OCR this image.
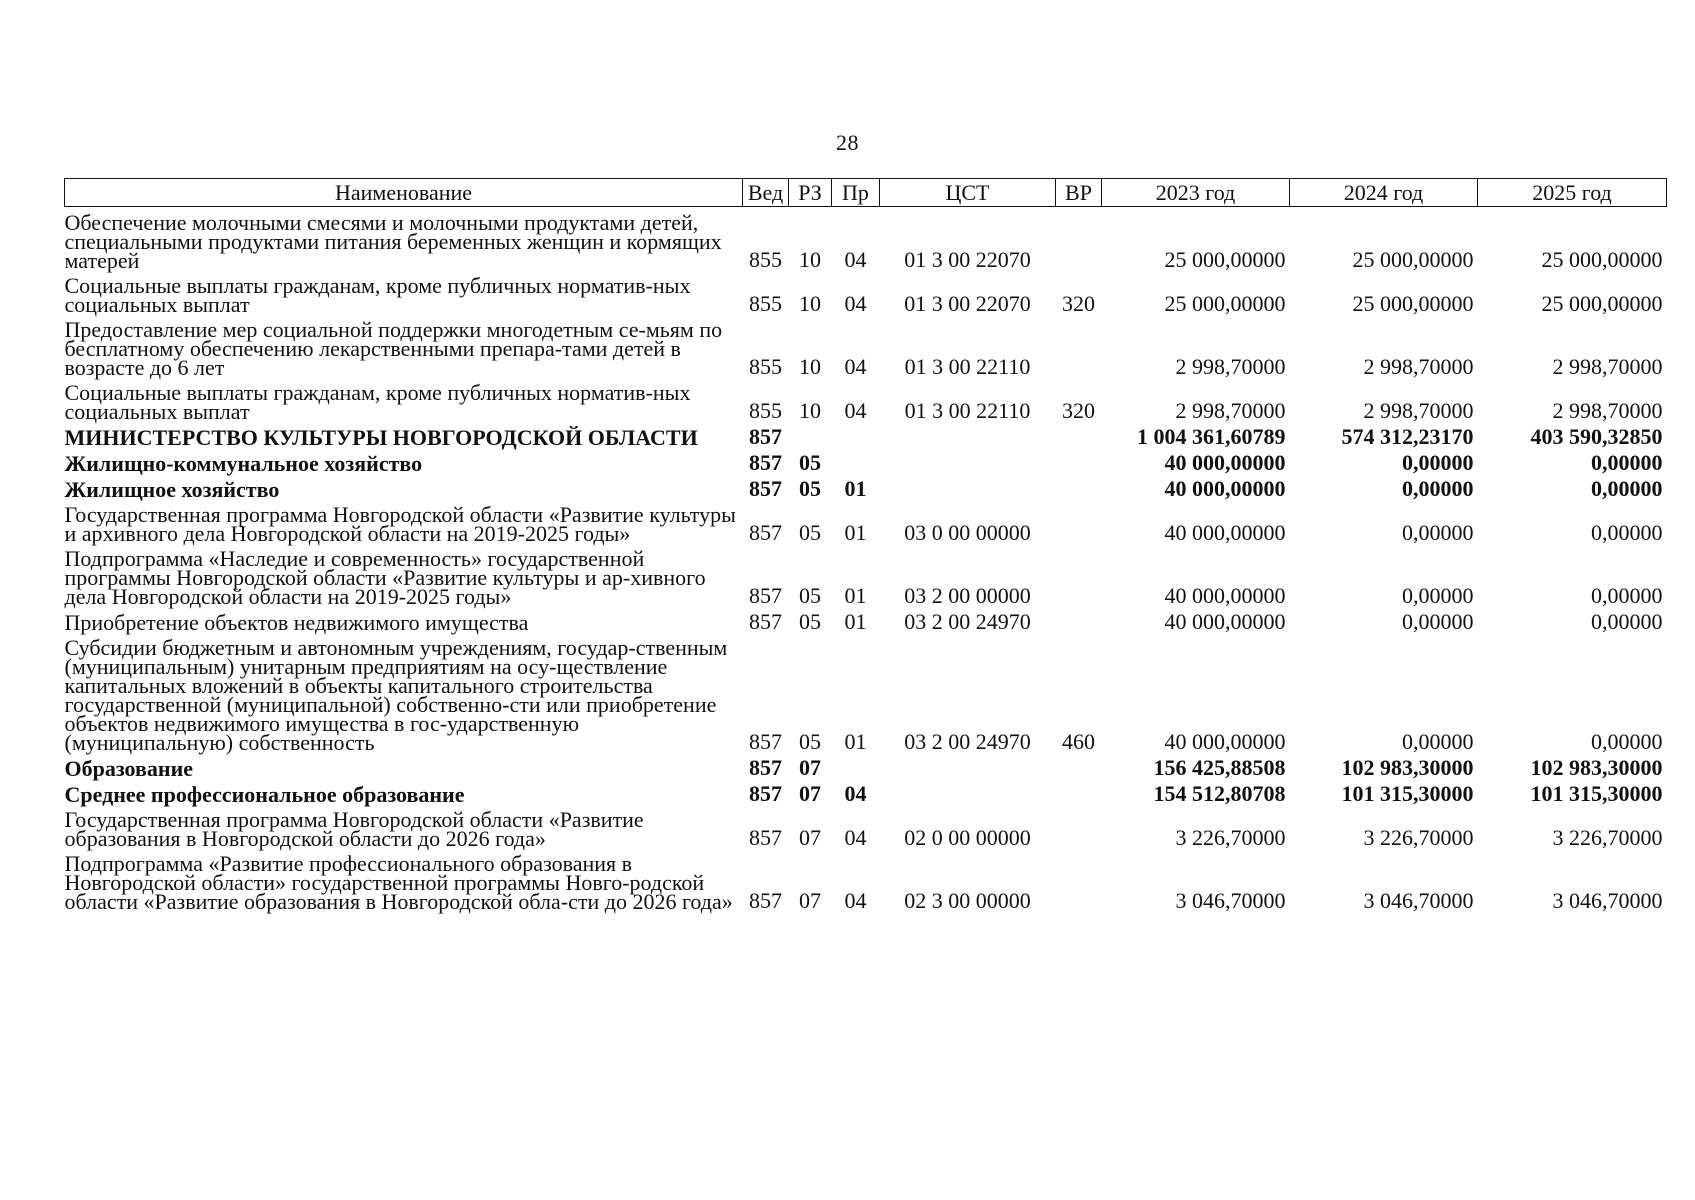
28
Наименование	Вед	РЗ	Пр	ЦСТ	ВР	2023 год	2024 год	2025 год
Обеспечение молочными смесями и молочными продуктами детей, специальными продуктами питания беременных женщин и кормящих матерей	855	10	04	01 3 00 22070		25 000,00000	25 000,00000	25 000,00000
Социальные выплаты гражданам, кроме публичных норматив-ных социальных выплат	855	10	04	01 3 00 22070	320	25 000,00000	25 000,00000	25 000,00000
Предоставление мер социальной поддержки многодетным се-мьям по бесплатному обеспечению лекарственными препара-тами детей в возрасте до 6 лет	855	10	04	01 3 00 22110		2 998,70000	2 998,70000	2 998,70000
Социальные выплаты гражданам, кроме публичных норматив-ных социальных выплат	855	10	04	01 3 00 22110	320	2 998,70000	2 998,70000	2 998,70000
МИНИСТЕРСТВО КУЛЬТУРЫ НОВГОРОДСКОЙ ОБЛАСТИ	857					1 004 361,60789	574 312,23170	403 590,32850
Жилищно-коммунальное хозяйство	857	05				40 000,00000	0,00000	0,00000
Жилищное хозяйство	857	05	01			40 000,00000	0,00000	0,00000
Государственная программа Новгородской области «Развитие культуры и архивного дела Новгородской области на 2019-2025 годы»	857	05	01	03 0 00 00000		40 000,00000	0,00000	0,00000
Подпрограмма «Наследие и современность» государственной программы Новгородской области «Развитие культуры и ар-хивного дела Новгородской области на 2019-2025 годы»	857	05	01	03 2 00 00000		40 000,00000	0,00000	0,00000
Приобретение объектов недвижимого имущества	857	05	01	03 2 00 24970		40 000,00000	0,00000	0,00000
Субсидии бюджетным и автономным учреждениям, государ-ственным (муниципальным) унитарным предприятиям на осу-ществление капитальных вложений в объекты капитального строительства государственной (муниципальной) собственно-сти или приобретение объектов недвижимого имущества в гос-ударственную (муниципальную) собственность	857	05	01	03 2 00 24970	460	40 000,00000	0,00000	0,00000
Образование	857	07				156 425,88508	102 983,30000	102 983,30000
Среднее профессиональное образование	857	07	04			154 512,80708	101 315,30000	101 315,30000
Государственная программа Новгородской области «Развитие образования в Новгородской области до 2026 года»	857	07	04	02 0 00 00000		3 226,70000	3 226,70000	3 226,70000
Подпрограмма «Развитие профессионального образования в Новгородской области» государственной программы Новго-родской области «Развитие образования в Новгородской обла-сти до 2026 года»	857	07	04	02 3 00 00000		3 046,70000	3 046,70000	3 046,70000
